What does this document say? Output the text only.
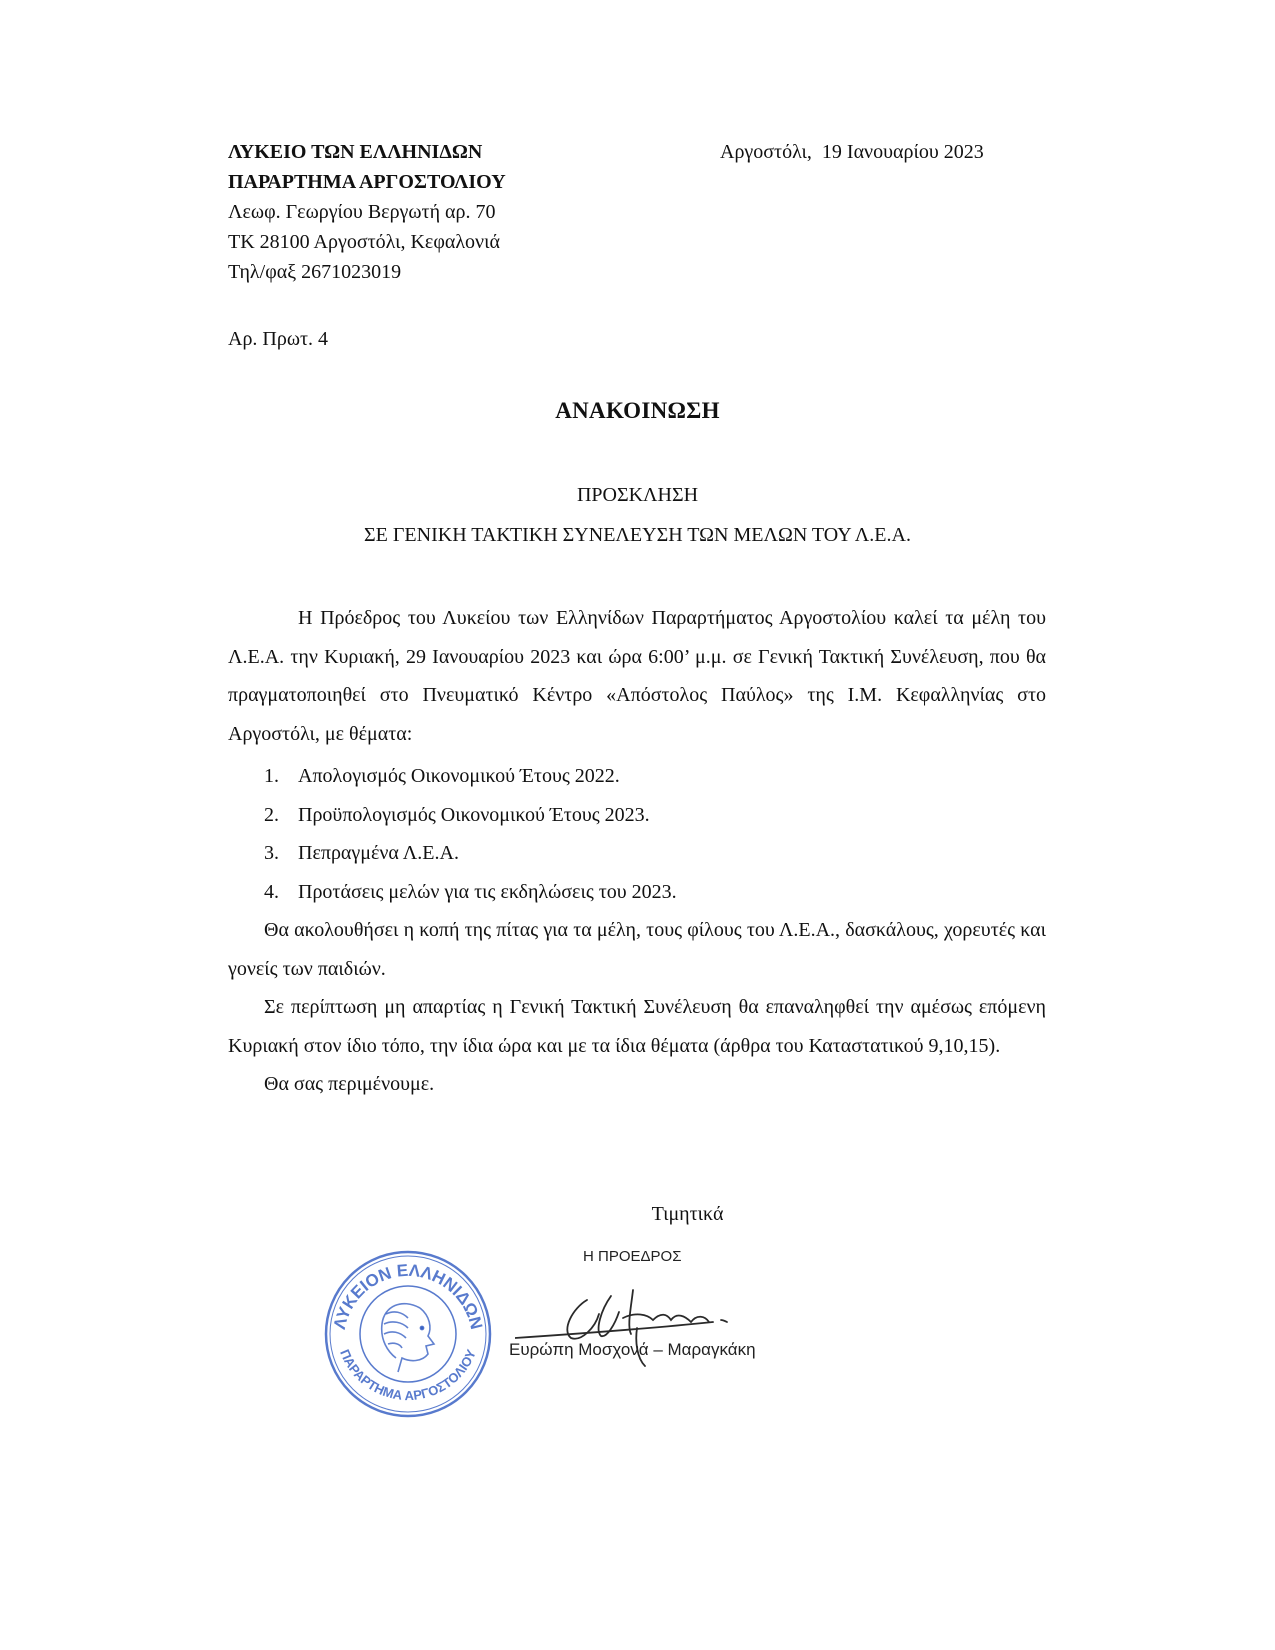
ΛΥΚΕΙΟ ΤΩΝ ΕΛΛΗΝΙΔΩΝ
ΠΑΡΑΡΤΗΜΑ ΑΡΓΟΣΤΟΛΙΟΥ
Λεωφ. Γεωργίου Βεργωτή αρ. 70
ΤΚ 28100 Αργοστόλι, Κεφαλονιά
Τηλ/φαξ 2671023019
Αργοστόλι,  19 Ιανουαρίου 2023
Αρ. Πρωτ. 4
ΑΝΑΚΟΙΝΩΣΗ
ΠΡΟΣΚΛΗΣΗ
ΣΕ ΓΕΝΙΚΗ ΤΑΚΤΙΚΗ ΣΥΝΕΛΕΥΣΗ ΤΩΝ ΜΕΛΩΝ ΤΟΥ Λ.Ε.Α.

Η Πρόεδρος του Λυκείου των Ελληνίδων Παραρτήματος Αργοστολίου καλεί τα μέλη του Λ.Ε.Α. την Κυριακή, 29 Ιανουαρίου 2023 και ώρα 6:00’ μ.μ. σε Γενική Τακτική Συνέλευση, που θα πραγματοποιηθεί στο Πνευματικό Κέντρο «Απόστολος Παύλος» της Ι.Μ. Κεφαλληνίας στο Αργοστόλι, με θέματα:

1. Απολογισμός Οικονομικού Έτους 2022.
2. Προϋπολογισμός Οικονομικού Έτους 2023.
3. Πεπραγμένα Λ.Ε.Α.
4. Προτάσεις μελών για τις εκδηλώσεις του 2023.

Θα ακολουθήσει η κοπή της πίτας για τα μέλη, τους φίλους του Λ.Ε.Α., δασκάλους, χορευτές και γονείς των παιδιών.

Σε περίπτωση μη απαρτίας η Γενική Τακτική Συνέλευση θα επαναληφθεί την αμέσως επόμενη Κυριακή στον ίδιο τόπο, την ίδια ώρα και με τα ίδια θέματα (άρθρα του Καταστατικού 9,10,15).

Θα σας περιμένουμε.

Τιμητικά
ΛΥΚΕΙΟΝ ΕΛΛΗΝΙΔΩΝ
ΠΑΡΑΡΤΗΜΑ ΑΡΓΟΣΤΟΛΙΟΥ
Η ΠΡΟΕΔΡΟΣ
Ευρώπη Μοσχονά – Μαραγκάκη
